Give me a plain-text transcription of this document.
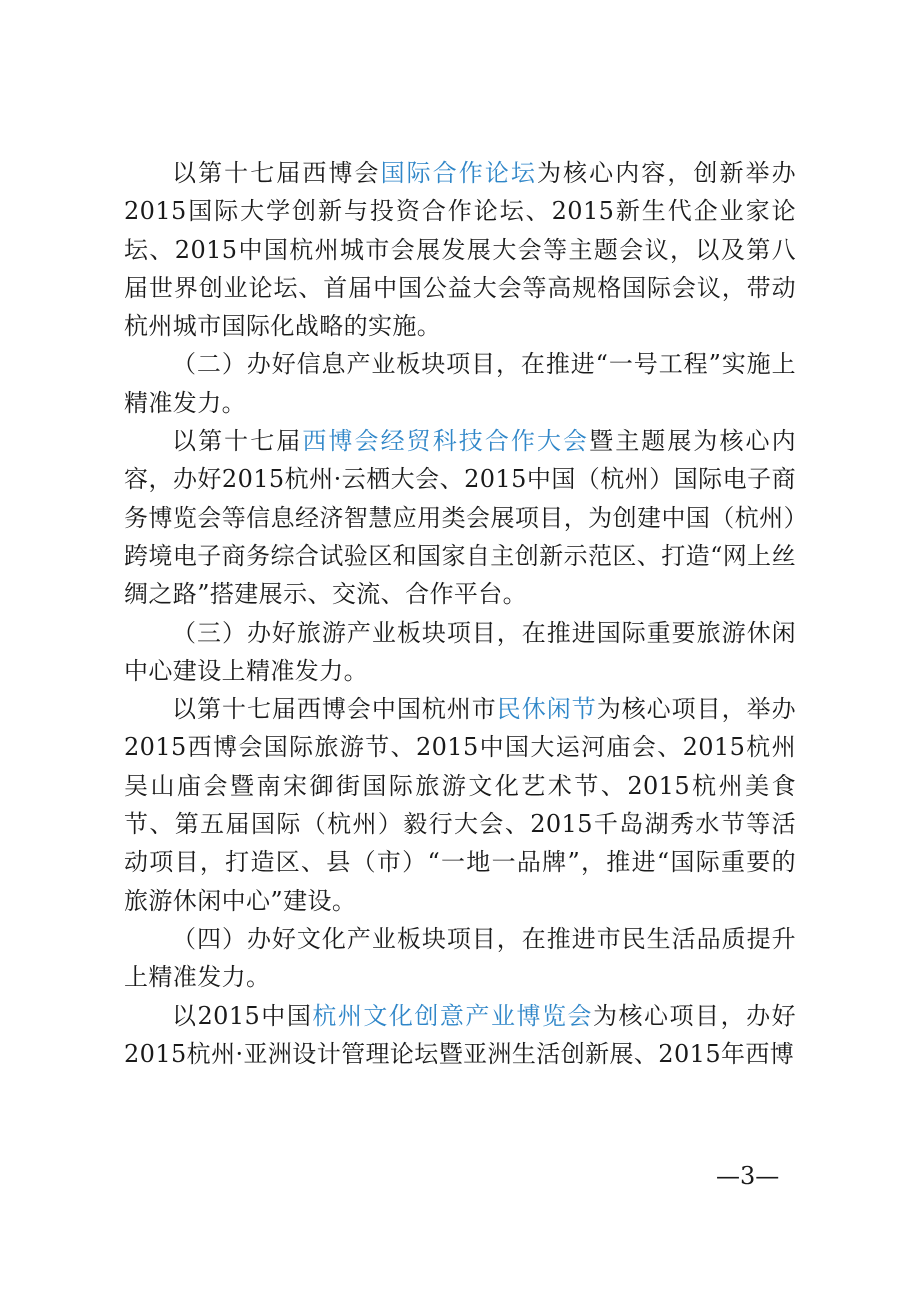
以第十七届西博会国际合作论坛为核心内容，创新举办2015国际大学创新与投资合作论坛、2015新生代企业家论坛、2015中国杭州城市会展发展大会等主题会议，以及第八届世界创业论坛、首届中国公益大会等高规格国际会议，带动杭州城市国际化战略的实施。

（二）办好信息产业板块项目，在推进“一号工程”实施上精准发力。

以第十七届西博会经贸科技合作大会暨主题展为核心内容，办好2015杭州·云栖大会、2015中国（杭州）国际电子商务博览会等信息经济智慧应用类会展项目，为创建中国（杭州）跨境电子商务综合试验区和国家自主创新示范区、打造“网上丝绸之路”搭建展示、交流、合作平台。

（三）办好旅游产业板块项目，在推进国际重要旅游休闲中心建设上精准发力。

以第十七届西博会中国杭州市民休闲节为核心项目，举办2015西博会国际旅游节、2015中国大运河庙会、2015杭州吴山庙会暨南宋御街国际旅游文化艺术节、2015杭州美食节、第五届国际（杭州）毅行大会、2015千岛湖秀水节等活动项目，打造区、县（市）“一地一品牌”，推进“国际重要的旅游休闲中心”建设。

（四）办好文化产业板块项目，在推进市民生活品质提升上精准发力。

以2015中国杭州文化创意产业博览会为核心项目，办好2015杭州·亚洲设计管理论坛暨亚洲生活创新展、2015年西博

—3—
